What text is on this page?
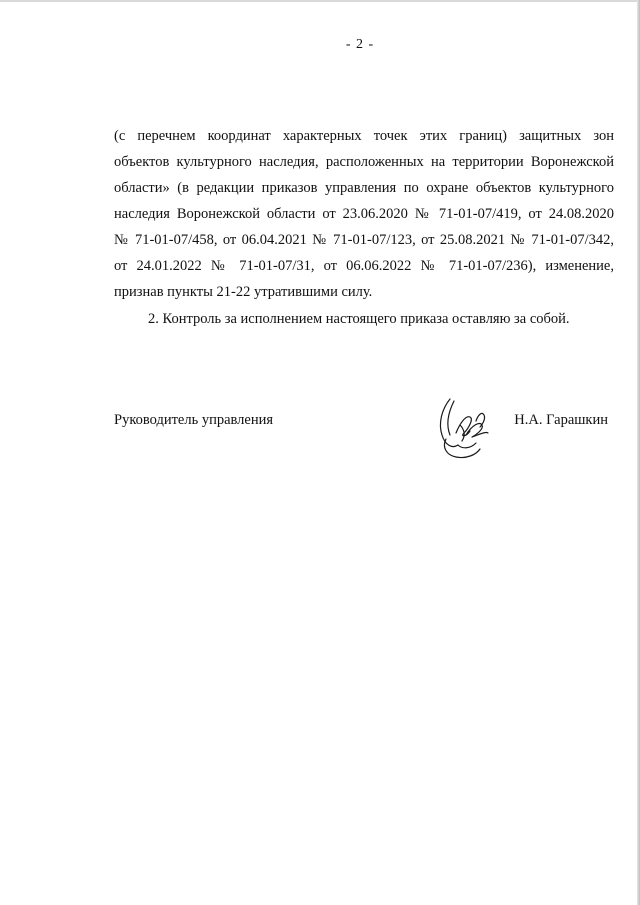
- 2 -
(с перечнем координат характерных точек этих границ) защитных зон
объектов культурного наследия, расположенных на территории Воронежской
области» (в редакции приказов управления по охране объектов культурного
наследия Воронежской области от 23.06.2020 № 71-01-07/419, от 24.08.2020
№ 71-01-07/458, от 06.04.2021 № 71-01-07/123, от 25.08.2021 № 71-01-07/342,
от 24.01.2022 № 71-01-07/31, от 06.06.2022 № 71-01-07/236), изменение,
признав пункты 21-22 утратившими силу.
2. Контроль за исполнением настоящего приказа оставляю за собой.
Руководитель управления	Н.А. Гарашкин
